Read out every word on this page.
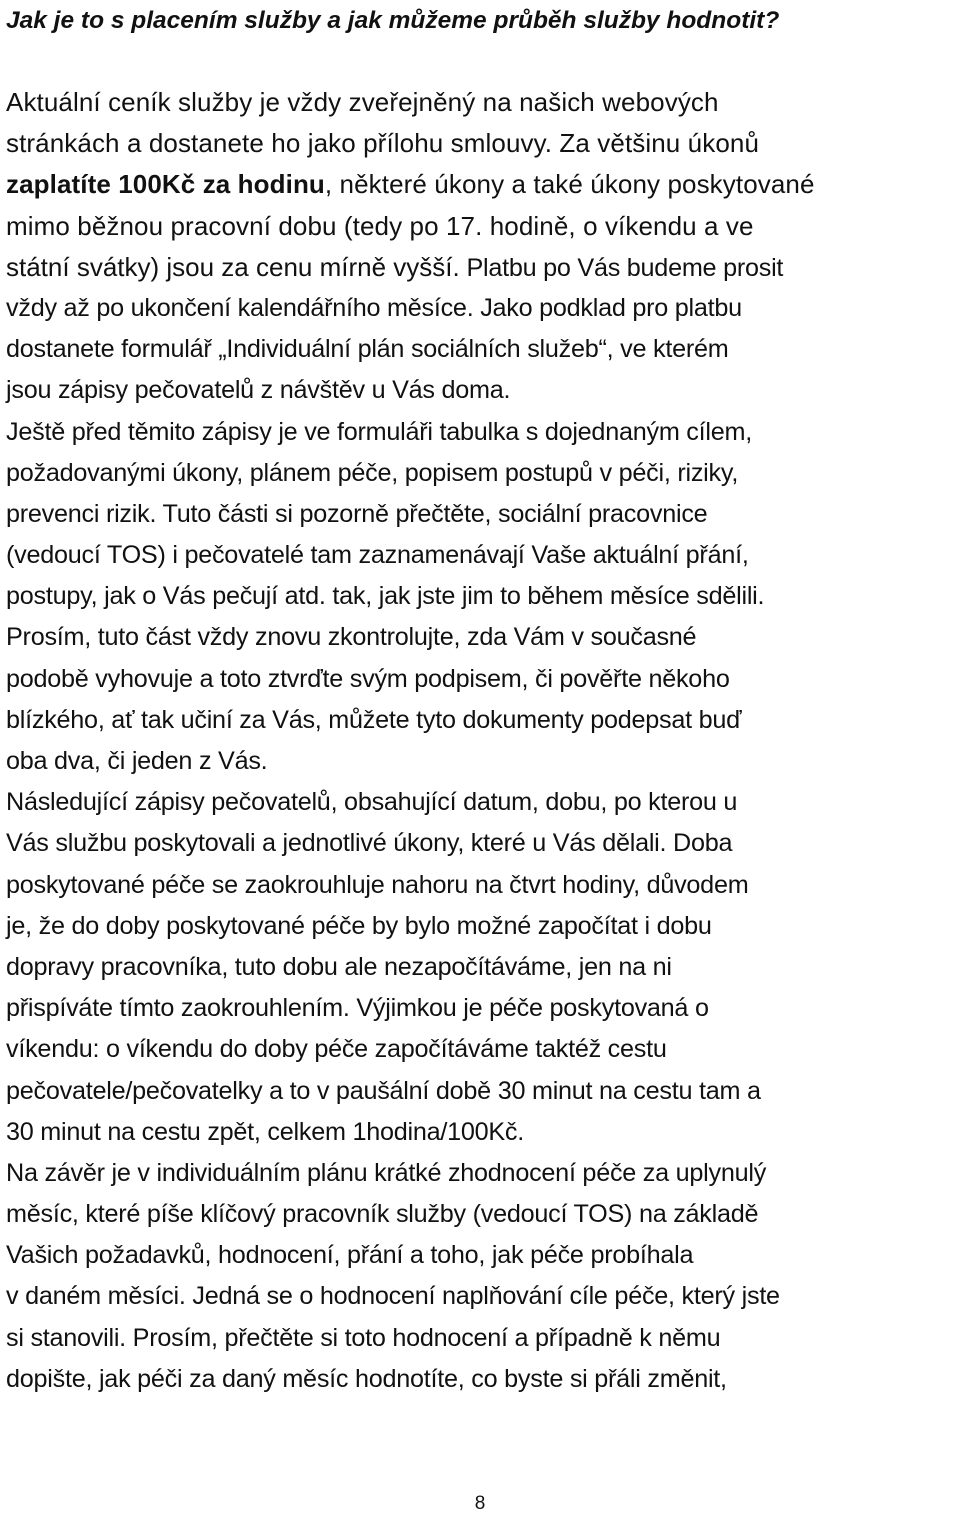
Jak je to s placením služby a jak můžeme průběh služby hodnotit?
Aktuální ceník služby je vždy zveřejněný na našich webových
stránkách a dostanete ho jako přílohu smlouvy. Za většinu úkonů
zaplatíte 100Kč za hodinu, některé úkony a také úkony poskytované
mimo běžnou pracovní dobu (tedy po 17. hodině, o víkendu a ve
státní svátky) jsou za cenu mírně vyšší. Platbu po Vás budeme prosit
vždy až po ukončení kalendářního měsíce. Jako podklad pro platbu
dostanete formulář „Individuální plán sociálních služeb“, ve kterém
jsou zápisy pečovatelů z návštěv u Vás doma.
Ještě před těmito zápisy je ve formuláři tabulka s dojednaným cílem,
požadovanými úkony, plánem péče, popisem postupů v péči, riziky,
prevenci rizik. Tuto části si pozorně přečtěte, sociální pracovnice
(vedoucí TOS) i pečovatelé tam zaznamenávají Vaše aktuální přání,
postupy, jak o Vás pečují atd. tak, jak jste jim to během měsíce sdělili.
Prosím, tuto část vždy znovu zkontrolujte, zda Vám v současné
podobě vyhovuje a toto ztvrďte svým podpisem, či pověřte někoho
blízkého, ať tak učiní za Vás, můžete tyto dokumenty podepsat buď
oba dva, či jeden z Vás.
Následující zápisy pečovatelů, obsahující datum, dobu, po kterou u
Vás službu poskytovali a jednotlivé úkony, které u Vás dělali. Doba
poskytované péče se zaokrouhluje nahoru na čtvrt hodiny, důvodem
je, že do doby poskytované péče by bylo možné započítat i dobu
dopravy pracovníka, tuto dobu ale nezapočítáváme, jen na ni
přispíváte tímto zaokrouhlením. Výjimkou je péče poskytovaná o
víkendu: o víkendu do doby péče započítáváme taktéž cestu
pečovatele/pečovatelky a to v paušální době 30 minut na cestu tam a
30 minut na cestu zpět, celkem 1hodina/100Kč.
Na závěr je v individuálním plánu krátké zhodnocení péče za uplynulý
měsíc, které píše klíčový pracovník služby (vedoucí TOS) na základě
Vašich požadavků, hodnocení, přání a toho, jak péče probíhala
v daném měsíci. Jedná se o hodnocení naplňování cíle péče, který jste
si stanovili. Prosím, přečtěte si toto hodnocení a případně k němu
dopište, jak péči za daný měsíc hodnotíte, co byste si přáli změnit,
8
